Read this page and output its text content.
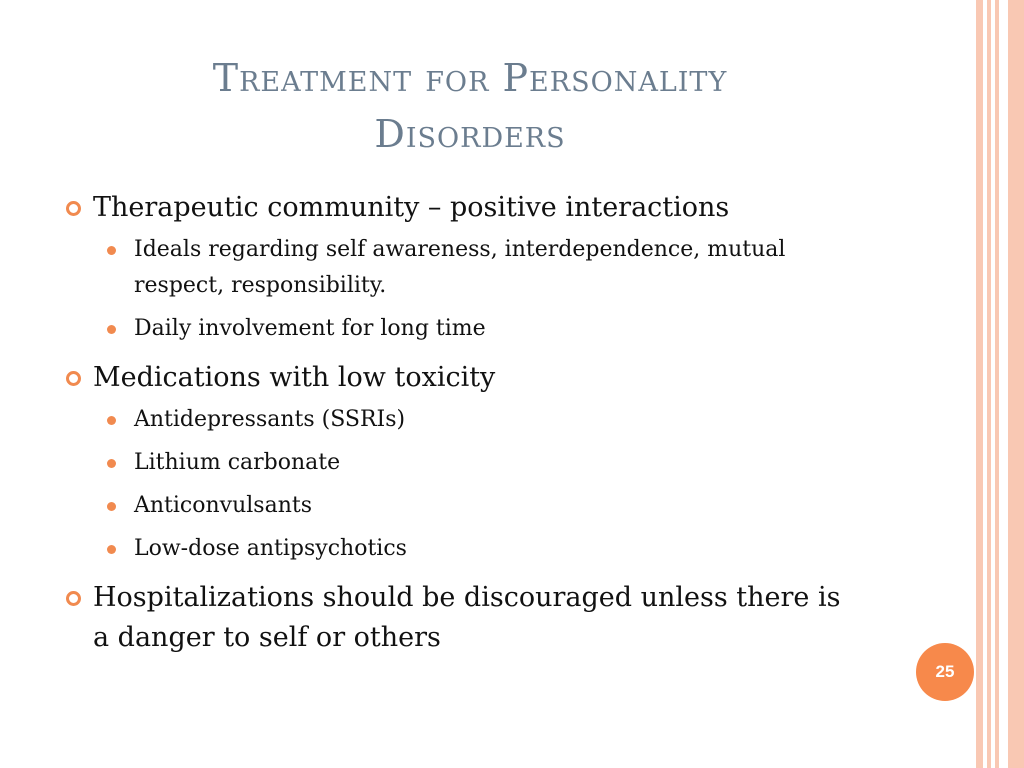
Treatment for Personality
Disorders
Therapeutic community – positive interactions
Ideals regarding self awareness, interdependence, mutual respect, responsibility.
Daily involvement for long time
Medications with low toxicity
Antidepressants (SSRIs)
Lithium carbonate
Anticonvulsants
Low-dose antipsychotics
Hospitalizations should be discouraged unless there is a danger to self or others
25
